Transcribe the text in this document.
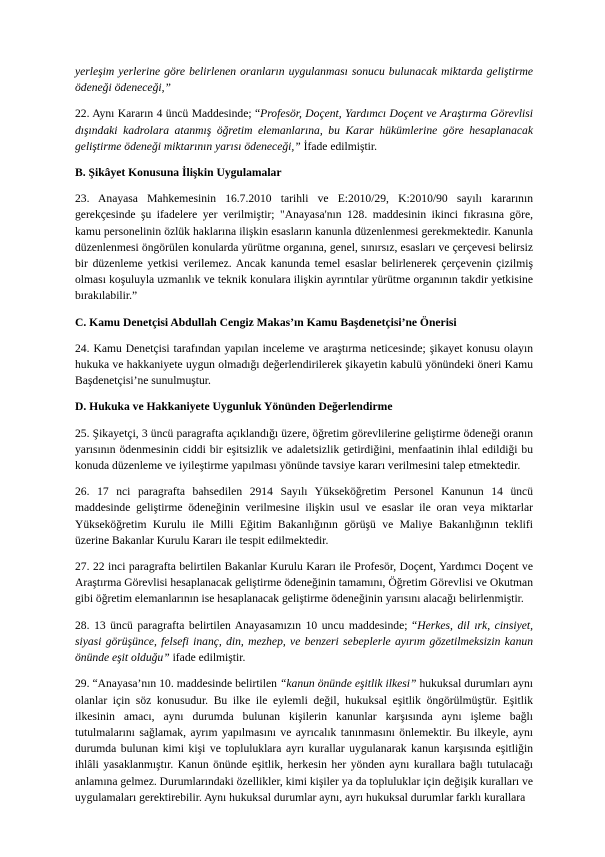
yerleşim yerlerine göre belirlenen oranların uygulanması sonucu bulunacak miktarda geliştirme ödeneği ödeneceği,”

22. Aynı Kararın 4 üncü Maddesinde; “Profesör, Doçent, Yardımcı Doçent ve Araştırma Görevlisi dışındaki kadrolara atanmış öğretim elemanlarına, bu Karar hükümlerine göre hesaplanacak geliştirme ödeneği miktarının yarısı ödeneceği,” İfade edilmiştir.

B. Şikâyet Konusuna İlişkin Uygulamalar

23. Anayasa Mahkemesinin 16.7.2010 tarihli ve E:2010/29, K:2010/90 sayılı kararının gerekçesinde şu ifadelere yer verilmiştir; "Anayasa'nın 128. maddesinin ikinci fıkrasına göre, kamu personelinin özlük haklarına ilişkin esasların kanunla düzenlenmesi gerekmektedir. Kanunla düzenlenmesi öngörülen konularda yürütme organına, genel, sınırsız, esasları ve çerçevesi belirsiz bir düzenleme yetkisi verilemez. Ancak kanunda temel esaslar belirlenerek çerçevenin çizilmiş olması koşuluyla uzmanlık ve teknik konulara ilişkin ayrıntılar yürütme organının takdir yetkisine bırakılabilir.”

C. Kamu Denetçisi Abdullah Cengiz Makas’ın Kamu Başdenetçisi’ne Önerisi

24. Kamu Denetçisi tarafından yapılan inceleme ve araştırma neticesinde; şikayet konusu olayın hukuka ve hakkaniyete uygun olmadığı değerlendirilerek şikayetin kabulü yönündeki öneri Kamu Başdenetçisi’ne sunulmuştur.

D. Hukuka ve Hakkaniyete Uygunluk Yönünden Değerlendirme

25. Şikayetçi, 3 üncü paragrafta açıklandığı üzere, öğretim görevlilerine geliştirme ödeneği oranın yarısının ödenmesinin ciddi bir eşitsizlik ve adaletsizlik getirdiğini, menfaatinin ihlal edildiği bu konuda düzenleme ve iyileştirme yapılması yönünde tavsiye kararı verilmesini talep etmektedir.

26. 17 nci paragrafta bahsedilen 2914 Sayılı Yükseköğretim Personel Kanunun 14 üncü maddesinde geliştirme ödeneğinin verilmesine ilişkin usul ve esaslar ile oran veya miktarlar Yükseköğretim Kurulu ile Milli Eğitim Bakanlığının görüşü ve Maliye Bakanlığının teklifi üzerine Bakanlar Kurulu Kararı ile tespit edilmektedir.

27. 22 inci paragrafta belirtilen Bakanlar Kurulu Kararı ile Profesör, Doçent, Yardımcı Doçent ve Araştırma Görevlisi hesaplanacak geliştirme ödeneğinin tamamını, Öğretim Görevlisi ve Okutman gibi öğretim elemanlarının ise hesaplanacak geliştirme ödeneğinin yarısını alacağı belirlenmiştir.

28. 13 üncü paragrafta belirtilen Anayasamızın 10 uncu maddesinde; “Herkes, dil ırk, cinsiyet, siyasi görüşünce, felsefi inanç, din, mezhep, ve benzeri sebeplerle ayırım gözetilmeksizin kanun önünde eşit olduğu” ifade edilmiştir.

29. “Anayasa’nın 10. maddesinde belirtilen “kanun önünde eşitlik ilkesi” hukuksal durumları aynı olanlar için söz konusudur. Bu ilke ile eylemli değil, hukuksal eşitlik öngörülmüştür. Eşitlik ilkesinin amacı, aynı durumda bulunan kişilerin kanunlar karşısında aynı işleme bağlı tutulmalarını sağlamak, ayrım yapılmasını ve ayrıcalık tanınmasını önlemektir. Bu ilkeyle, aynı durumda bulunan kimi kişi ve topluluklara ayrı kurallar uygulanarak kanun karşısında eşitliğin ihlâli yasaklanmıştır. Kanun önünde eşitlik, herkesin her yönden aynı kurallara bağlı tutulacağı anlamına gelmez. Durumlarındaki özellikler, kimi kişiler ya da topluluklar için değişik kuralları ve uygulamaları gerektirebilir. Aynı hukuksal durumlar aynı, ayrı hukuksal durumlar farklı kurallara
